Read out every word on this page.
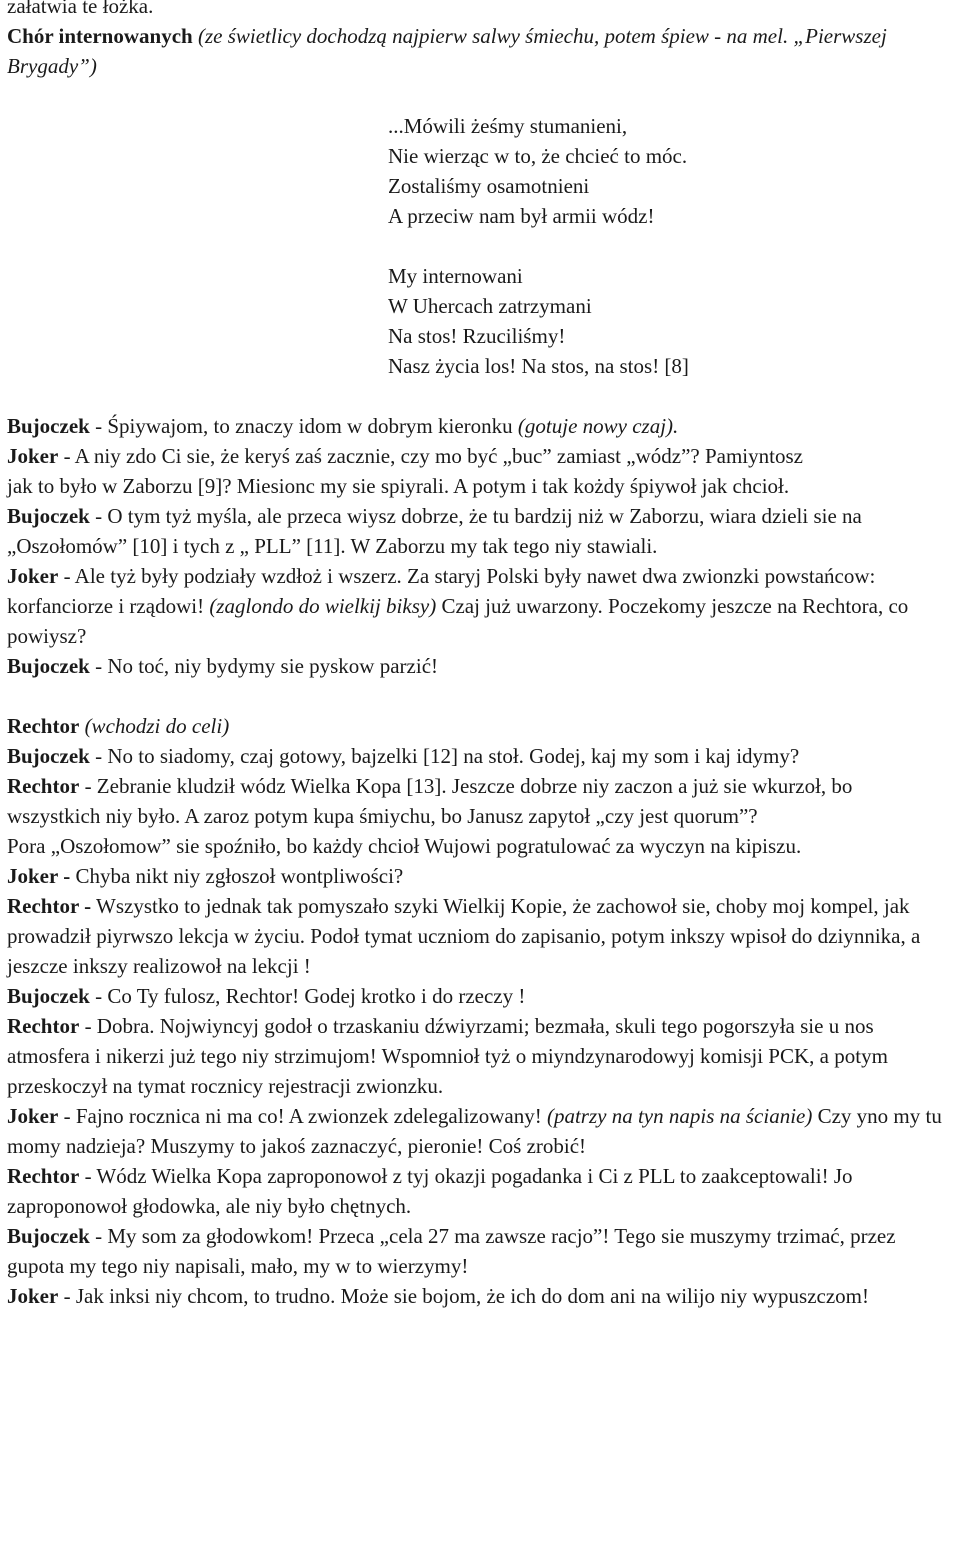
załatwia te łożka.

Chór internowanych (ze świetlicy dochodzą najpierw salwy śmiechu, potem śpiew - na mel. „Pierwszej Brygady”)

...Mówili żeśmy stumanieni,

Nie wierząc w to, że chcieć to móc.

Zostaliśmy osamotnieni

A przeciw nam był armii wódz!

My internowani

W Uhercach zatrzymani

Na stos! Rzuciliśmy!

Nasz życia los! Na stos, na stos! [8]

Bujoczek - Śpiywajom, to znaczy idom w dobrym kieronku (gotuje nowy czaj).

Joker - A niy zdo Ci sie, że keryś zaś zacznie, czy mo być „buc” zamiast „wódz”? Pamiyntosz

jak to było w Zaborzu [9]? Miesionc my sie spiyrali. A potym i tak kożdy śpiywoł jak chcioł.

Bujoczek - O tym tyż myśla, ale przeca wiysz dobrze, że tu bardzij niż w Zaborzu, wiara dzieli sie na „Oszołomów” [10] i tych z „ PLL” [11]. W Zaborzu my tak tego niy stawiali.

Joker - Ale tyż były podziały wzdłoż i wszerz. Za staryj Polski były nawet dwa zwionzki powstańcow: korfanciorze i rządowi! (zaglondo do wielkij biksy) Czaj już uwarzony. Poczekomy jeszcze na Rechtora, co powiysz?

Bujoczek - No toć, niy bydymy sie pyskow parzić!

Rechtor (wchodzi do celi)

Bujoczek - No to siadomy, czaj gotowy, bajzelki [12] na stoł. Godej, kaj my som i kaj idymy?

Rechtor - Zebranie kludził wódz Wielka Kopa [13]. Jeszcze dobrze niy zaczon a już sie wkurzoł, bo wszystkich niy było. A zaroz potym kupa śmiychu, bo Janusz zapytoł „czy jest quorum”?

Pora „Oszołomow” sie spoźniło, bo każdy chcioł Wujowi pogratulować za wyczyn na kipiszu.

Joker - Chyba nikt niy zgłoszoł wontpliwości?

Rechtor - Wszystko to jednak tak pomyszało szyki Wielkij Kopie, że zachowoł sie, choby moj kompel, jak prowadził piyrwszo lekcja w życiu. Podoł tymat uczniom do zapisanio, potym inkszy wpisoł do dziynnika, a jeszcze inkszy realizowoł na lekcji !

Bujoczek - Co Ty fulosz, Rechtor! Godej krotko i do rzeczy !

Rechtor - Dobra. Nojwiyncyj godoł o trzaskaniu dźwiyrzami; bezmała, skuli tego pogorszyła sie u nos atmosfera i nikerzi już tego niy strzimujom! Wspomnioł tyż o miyndzynarodowyj komisji PCK, a potym przeskoczył na tymat rocznicy rejestracji zwionzku.

Joker - Fajno rocznica ni ma co! A zwionzek zdelegalizowany! (patrzy na tyn napis na ścianie) Czy yno my tu momy nadzieja? Muszymy to jakoś zaznaczyć, pieronie! Coś zrobić!

Rechtor - Wódz Wielka Kopa zaproponowoł z tyj okazji pogadanka i Ci z PLL to zaakceptowali! Jo zaproponowoł głodowka, ale niy było chętnych.

Bujoczek - My som za głodowkom! Przeca „cela 27 ma zawsze racjo”! Tego sie muszymy trzimać, przez gupota my tego niy napisali, mało, my w to wierzymy!

Joker - Jak inksi niy chcom, to trudno. Może sie bojom, że ich do dom ani na wilijo niy wypuszczom!
